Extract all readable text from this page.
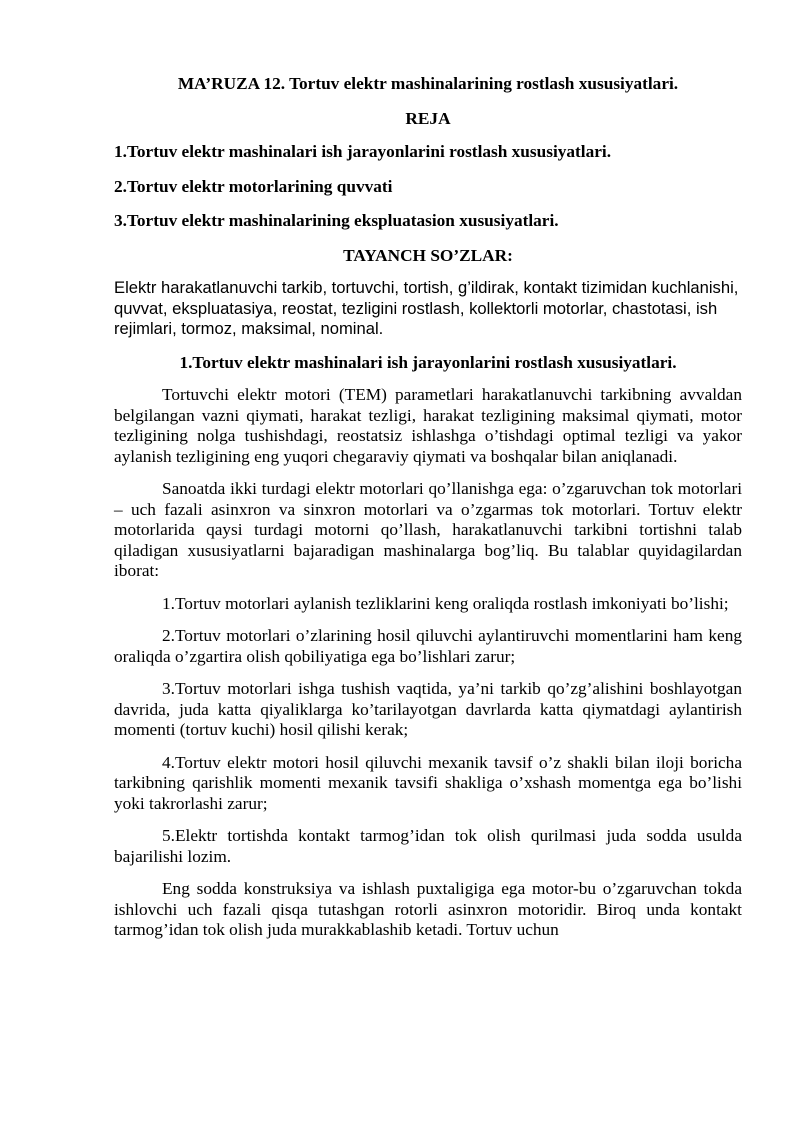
MA’RUZA 12. Tortuv elektr mashinalarining rostlash xususiyatlari.
REJA
1.Tortuv elektr mashinalari ish jarayonlarini rostlash xususiyatlari.
2.Tortuv elektr motorlarining quvvati
3.Tortuv elektr mashinalarining ekspluatasion xususiyatlari.
TAYANCH SO’ZLAR:
Elektr harakatlanuvchi tarkib, tortuvchi, tortish, g’ildirak, kontakt tizimidan kuchlanishi, quvvat, ekspluatasiya, reostat, tezligini rostlash, kollektorli motorlar, chastotasi, ish rejimlari, tormoz, maksimal, nominal.
1.Tortuv elektr mashinalari ish jarayonlarini rostlash xususiyatlari.

Tortuvchi elektr motori (TEM) parametlari harakatlanuvchi tarkibning avvaldan belgilangan vazni qiymati, harakat tezligi, harakat tezligining maksimal qiymati, motor tezligining nolga tushishdagi, reostatsiz ishlashga o’tishdagi optimal tezligi va yakor aylanish tezligining eng yuqori chegaraviy qiymati va boshqalar bilan aniqlanadi.

Sanoatda ikki turdagi elektr motorlari qo’llanishga ega: o’zgaruvchan tok motorlari – uch fazali asinxron va sinxron motorlari va o’zgarmas tok motorlari. Tortuv elektr motorlarida qaysi turdagi motorni qo’llash, harakatlanuvchi tarkibni tortishni talab qiladigan xususiyatlarni bajaradigan mashinalarga bog’liq. Bu talablar quyidagilardan iborat:

1.Tortuv motorlari aylanish tezliklarini keng oraliqda rostlash imkoniyati bo’lishi;

2.Tortuv motorlari o’zlarining hosil qiluvchi aylantiruvchi momentlarini ham keng oraliqda o’zgartira olish qobiliyatiga ega bo’lishlari zarur;

3.Tortuv motorlari ishga tushish vaqtida, ya’ni tarkib qo’zg’alishini boshlayotgan davrida, juda katta qiyaliklarga ko’tarilayotgan davrlarda katta qiymatdagi aylantirish momenti (tortuv kuchi) hosil qilishi kerak;

4.Tortuv elektr motori hosil qiluvchi mexanik tavsif o’z shakli bilan iloji boricha tarkibning qarishlik momenti mexanik tavsifi shakliga o’xshash momentga ega bo’lishi yoki takrorlashi zarur;

5.Elektr tortishda kontakt tarmog’idan tok olish qurilmasi juda sodda usulda bajarilishi lozim.

Eng sodda konstruksiya va ishlash puxtaligiga ega motor-bu o’zgaruvchan tokda ishlovchi uch fazali qisqa tutashgan rotorli asinxron motoridir. Biroq unda kontakt tarmog’idan tok olish juda murakkablashib ketadi. Tortuv uchun
